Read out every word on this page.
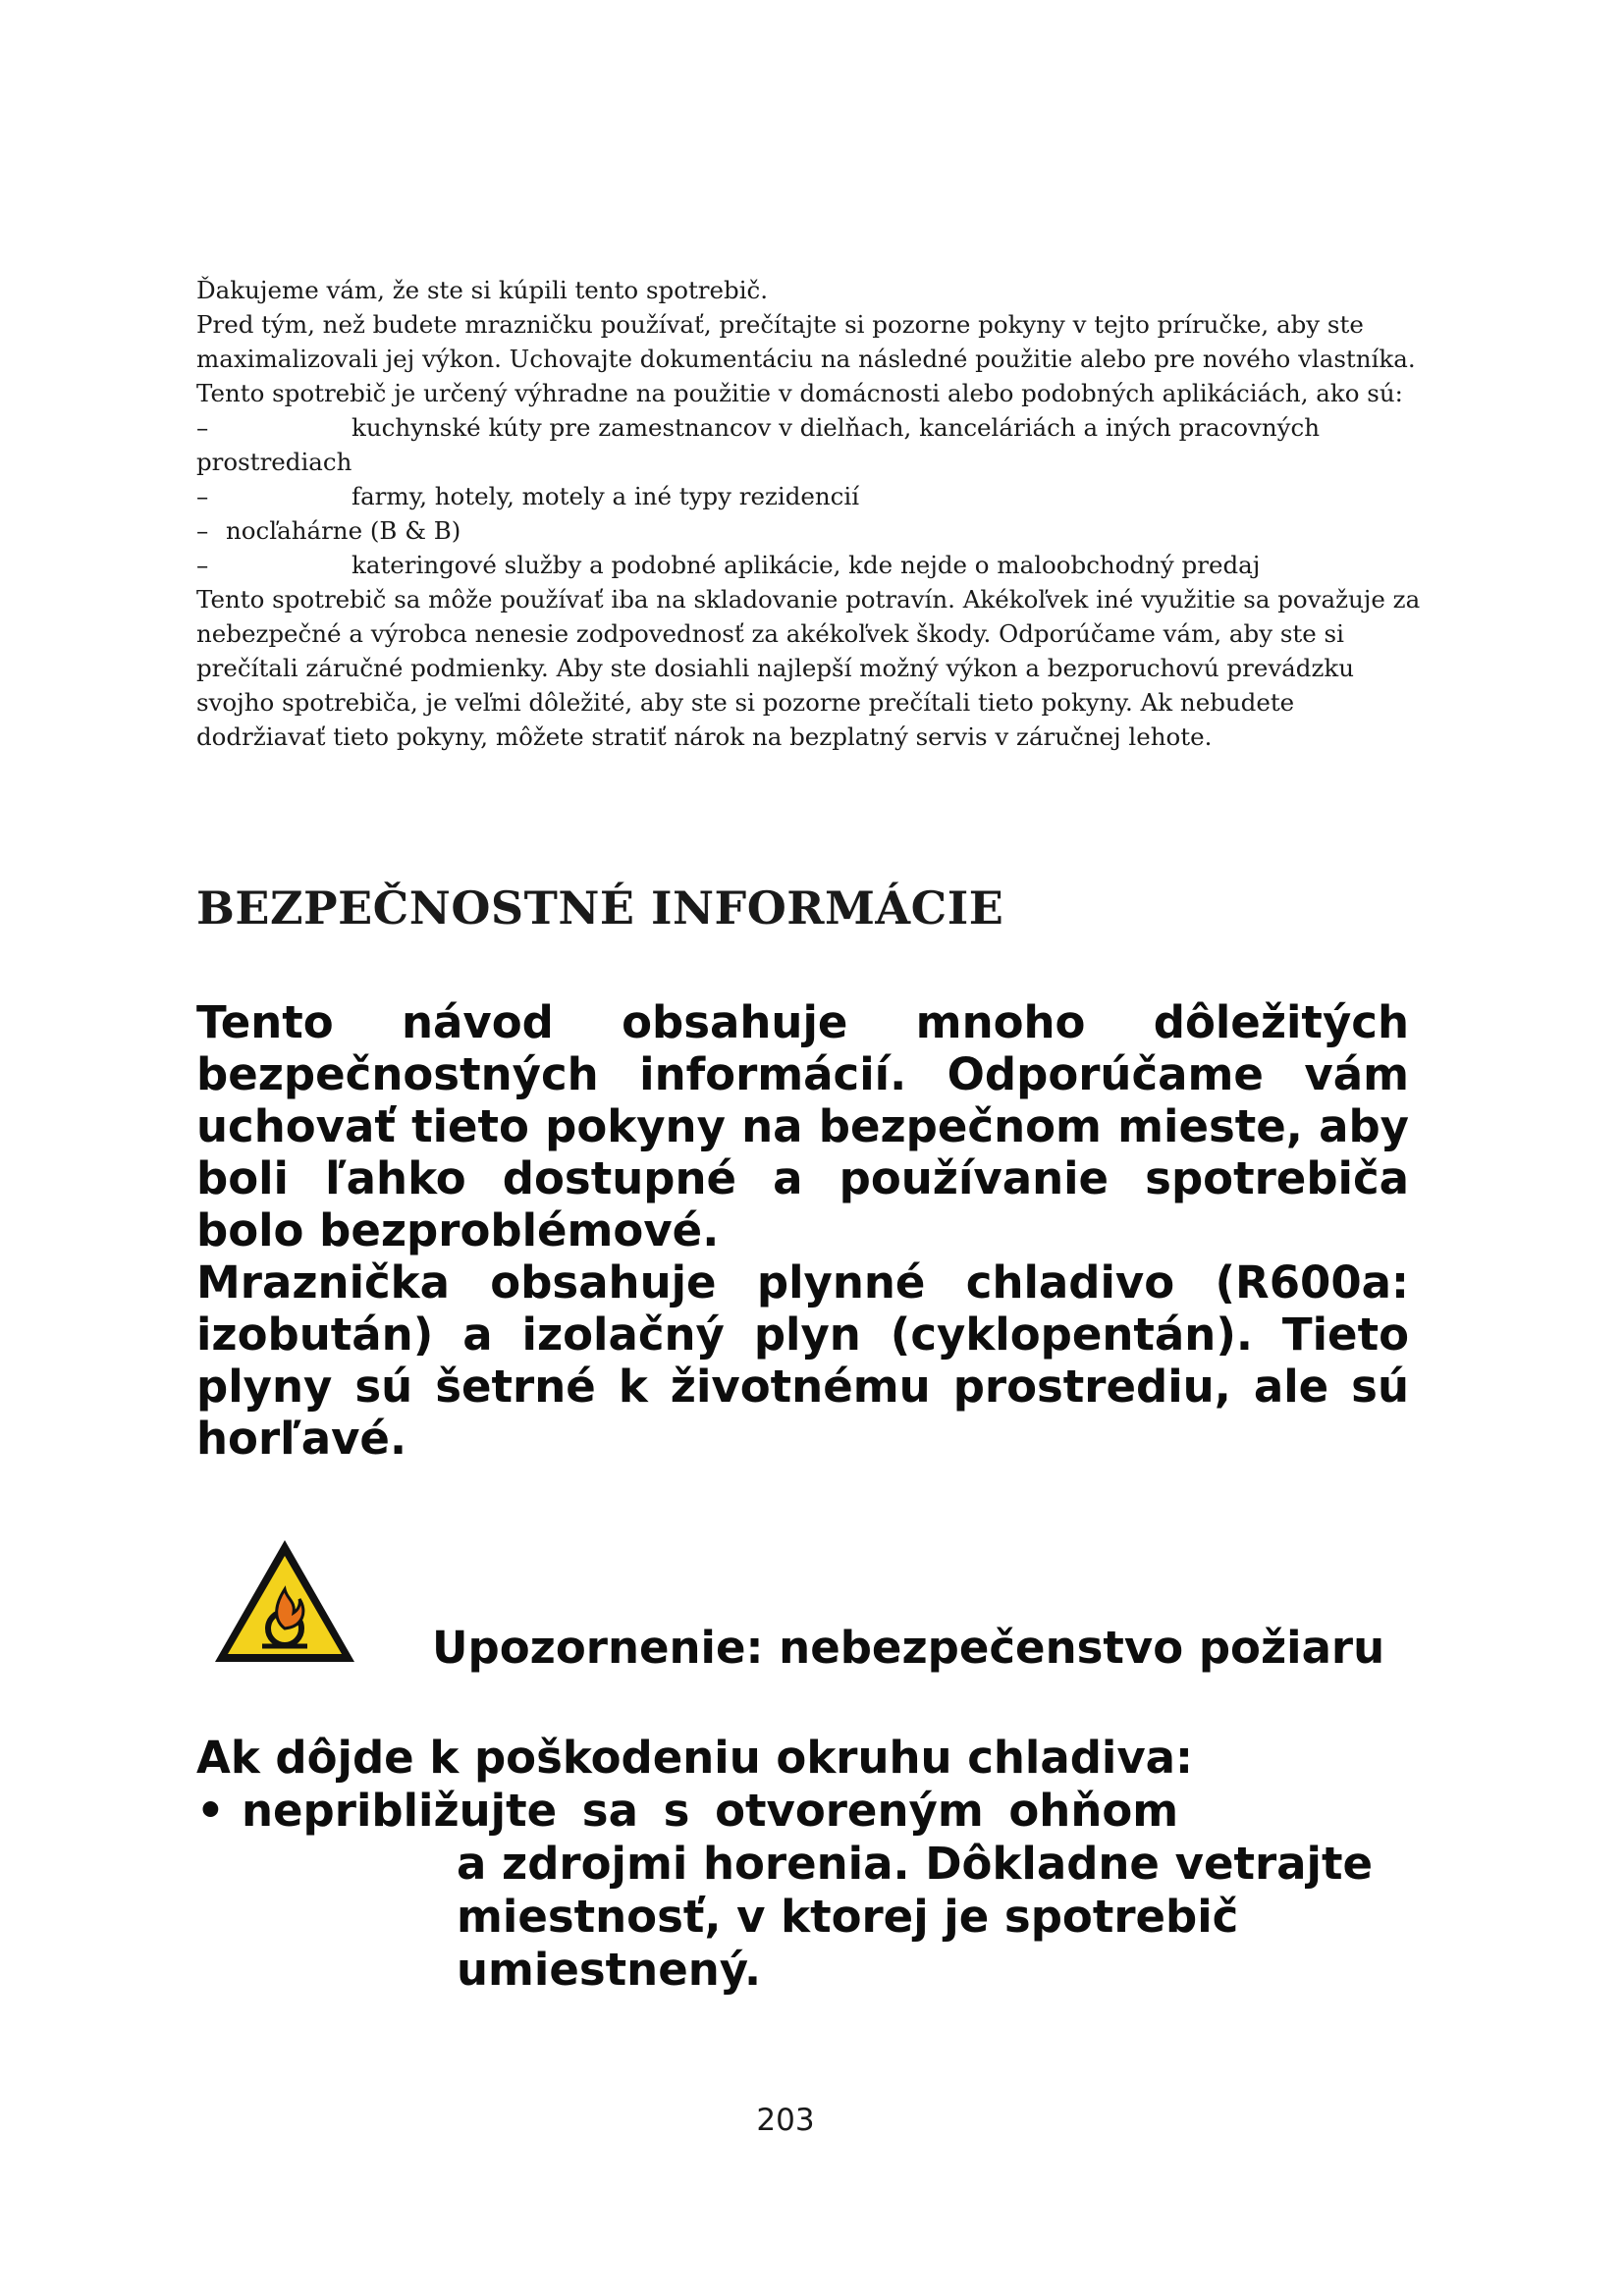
Ďakujeme vám, že ste si kúpili tento spotrebič.

Pred tým, než budete mrazničku používať, prečítajte si pozorne pokyny v tejto príručke, aby ste maximalizovali jej výkon. Uchovajte dokumentáciu na následné použitie alebo pre nového vlastníka. Tento spotrebič je určený výhradne na použitie v domácnosti alebo podobných aplikáciách, ako sú:

–	kuchynské kúty pre zamestnancov v dielňach, kanceláriách a iných pracovných

prostrediach

–	farmy, hotely, motely a iné typy rezidencií
– nocľahárne (B & B)
–	kateringové služby a podobné aplikácie, kde nejde o maloobchodný predaj

Tento spotrebič sa môže používať iba na skladovanie potravín. Akékoľvek iné využitie sa považuje za nebezpečné a výrobca nenesie zodpovednosť za akékoľvek škody. Odporúčame vám, aby ste si prečítali záručné podmienky. Aby ste dosiahli najlepší možný výkon a bezporuchovú prevádzku svojho spotrebiča, je veľmi dôležité, aby ste si pozorne prečítali tieto pokyny. Ak nebudete dodržiavať tieto pokyny, môžete stratiť nárok na bezplatný servis v záručnej lehote.

BEZPEČNOSTNÉ INFORMÁCIE

Tento návod obsahuje mnoho dôležitých bezpečnostných informácií. Odporúčame vám uchovať tieto pokyny na bezpečnom mieste, aby boli ľahko dostupné a používanie spotrebiča bolo bezproblémové.

Mraznička obsahuje plynné chladivo (R600a: izobután) a izolačný plyn (cyklopentán). Tieto plyny sú šetrné k životnému prostrediu, ale sú horľavé.

Upozornenie: nebezpečenstvo požiaru

Ak dôjde k poškodeniu okruhu chladiva:

• nepribližujte sa s otvoreným ohňom

a zdrojmi horenia. Dôkladne vetrajte miestnosť, v ktorej je spotrebič umiestnený.

203
